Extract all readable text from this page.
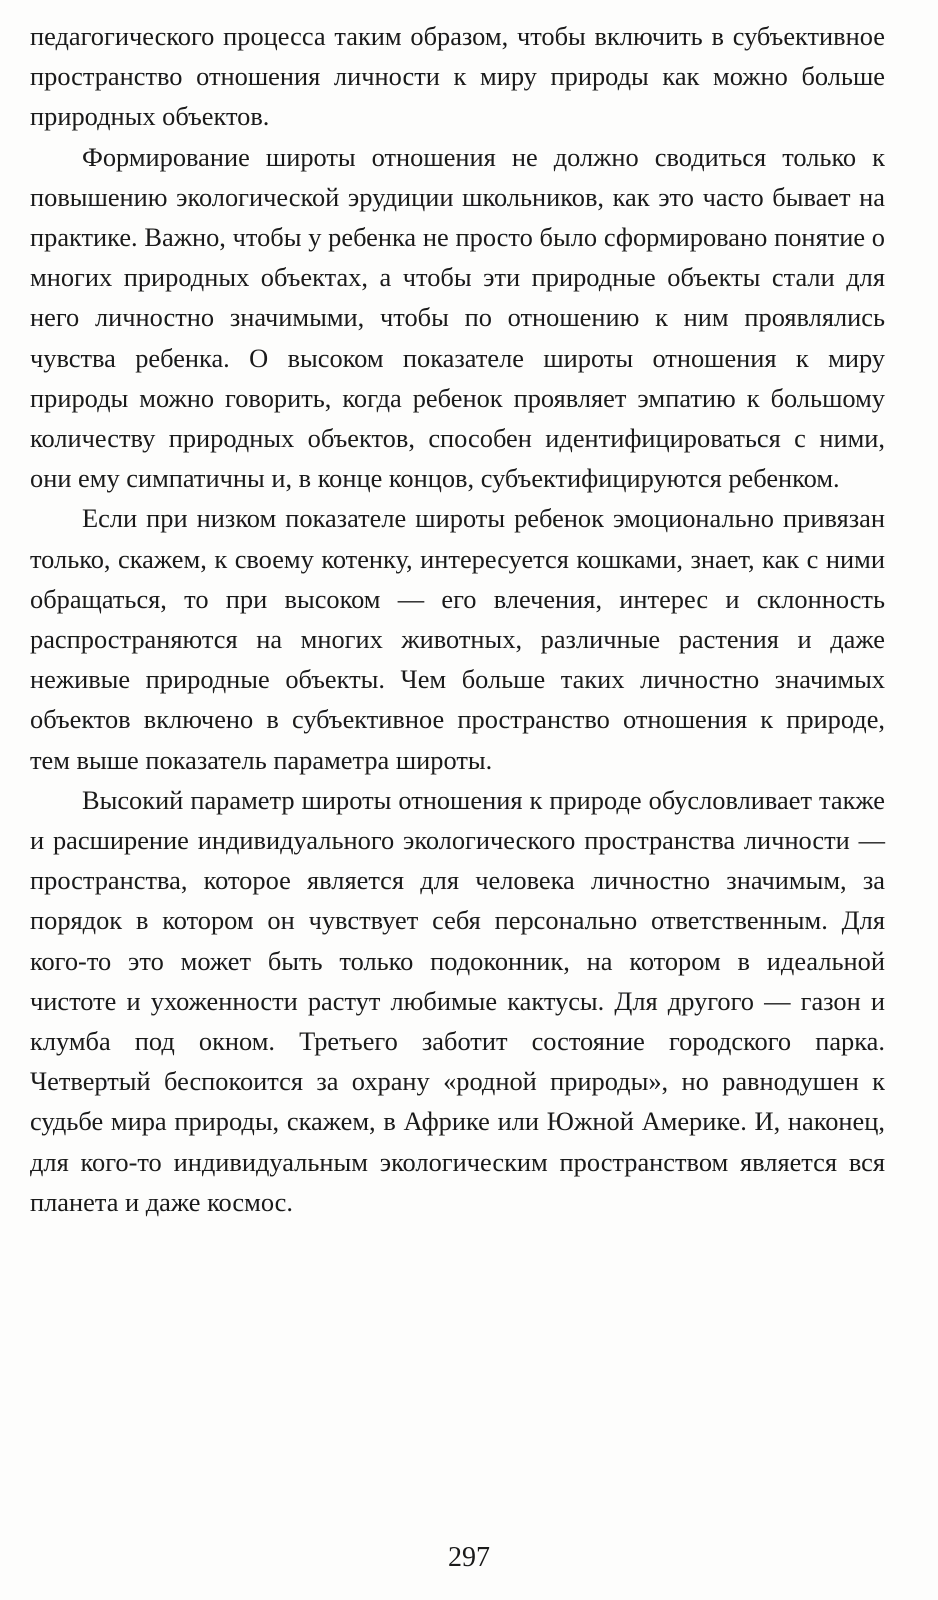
педагогического процесса таким образом, чтобы включить в субъективное пространство отношения личности к миру природы как можно больше природных объектов.

Формирование широты отношения не должно сводиться только к повышению экологической эрудиции школьников, как это часто бывает на практике. Важно, чтобы у ребенка не просто было сформировано понятие о многих природных объектах, а чтобы эти природные объекты стали для него личностно значимыми, чтобы по отношению к ним проявлялись чувства ребенка. О высоком показателе широты отношения к миру природы можно говорить, когда ребенок проявляет эмпатию к большому количеству природных объектов, способен идентифицироваться с ними, они ему симпатичны и, в конце концов, субъектифицируются ребенком.

Если при низком показателе широты ребенок эмоционально привязан только, скажем, к своему котенку, интересуется кошками, знает, как с ними обращаться, то при высоком — его влечения, интерес и склонность распространяются на многих животных, различные растения и даже неживые природные объекты. Чем больше таких личностно значимых объектов включено в субъективное пространство отношения к природе, тем выше показатель параметра широты.

Высокий параметр широты отношения к природе обусловливает также и расширение индивидуального экологического пространства личности — пространства, которое является для человека личностно значимым, за порядок в котором он чувствует себя персонально ответственным. Для кого-то это может быть только подоконник, на котором в идеальной чистоте и ухоженности растут любимые кактусы. Для другого — газон и клумба под окном. Третьего заботит состояние городского парка. Четвертый беспокоится за охрану «родной природы», но равнодушен к судьбе мира природы, скажем, в Африке или Южной Америке. И, наконец, для кого-то индивидуальным экологическим пространством является вся планета и даже космос.

297
